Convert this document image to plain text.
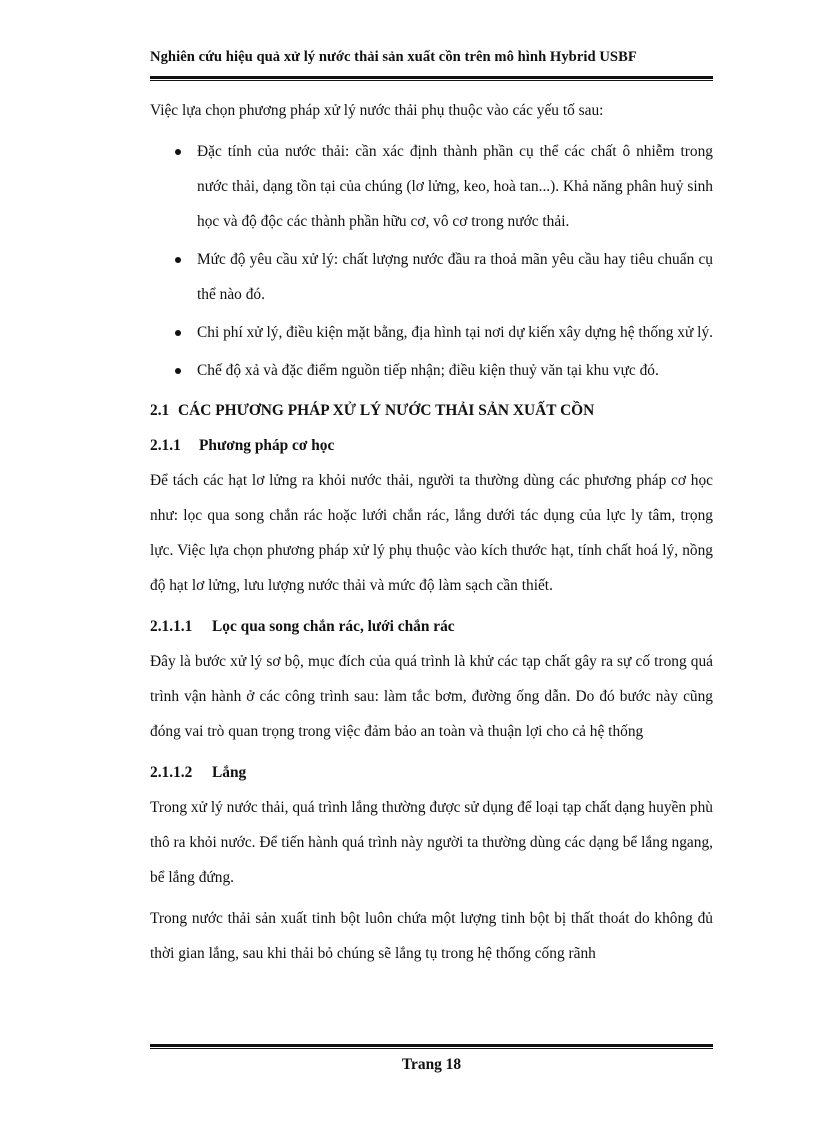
Nghiên cứu hiệu quả xử lý nước thải sản xuất cồn trên mô hình Hybrid USBF

Việc lựa chọn phương pháp xử lý nước thải phụ thuộc vào các yếu tố sau:

Đặc tính của nước thải: cần xác định thành phần cụ thể các chất ô nhiễm trong nước thải, dạng tồn tại của chúng (lơ lửng, keo, hoà tan...). Khả năng phân huỷ sinh học và độ độc các thành phần hữu cơ, vô cơ trong nước thải.
Mức độ yêu cầu xử lý: chất lượng nước đầu ra thoả mãn yêu cầu hay tiêu chuẩn cụ thể nào đó.
Chi phí xử lý, điều kiện mặt bằng, địa hình tại nơi dự kiến xây dựng hệ thống xử lý.
Chế độ xả và đặc điểm nguồn tiếp nhận; điều kiện thuỷ văn tại khu vực đó.
2.1 CÁC PHƯƠNG PHÁP XỬ LÝ NƯỚC THẢI SẢN XUẤT CỒN
2.1.1 Phương pháp cơ học

Để tách các hạt lơ lửng ra khỏi nước thải, người ta thường dùng các phương pháp cơ học như: lọc qua song chắn rác hoặc lưới chắn rác, lắng dưới tác dụng của lực ly tâm, trọng lực. Việc lựa chọn phương pháp xử lý phụ thuộc vào kích thước hạt, tính chất hoá lý, nồng độ hạt lơ lửng, lưu lượng nước thải và mức độ làm sạch cần thiết.

2.1.1.1 Lọc qua song chắn rác, lưới chắn rác

Đây là bước xử lý sơ bộ, mục đích của quá trình là khử các tạp chất gây ra sự cố trong quá trình vận hành ở các công trình sau: làm tắc bơm, đường ống dẫn. Do đó bước này cũng đóng vai trò quan trọng trong việc đảm bảo an toàn và thuận lợi cho cả hệ thống

2.1.1.2 Lắng

Trong xử lý nước thải, quá trình lắng thường được sử dụng để loại tạp chất dạng huyền phù thô ra khỏi nước. Để tiến hành quá trình này người ta thường dùng các dạng bể lắng ngang, bể lắng đứng.

Trong nước thải sản xuất tinh bột luôn chứa một lượng tinh bột bị thất thoát do không đủ thời gian lắng, sau khi thải bỏ chúng sẽ lắng tụ trong hệ thống cống rãnh

Trang 18
